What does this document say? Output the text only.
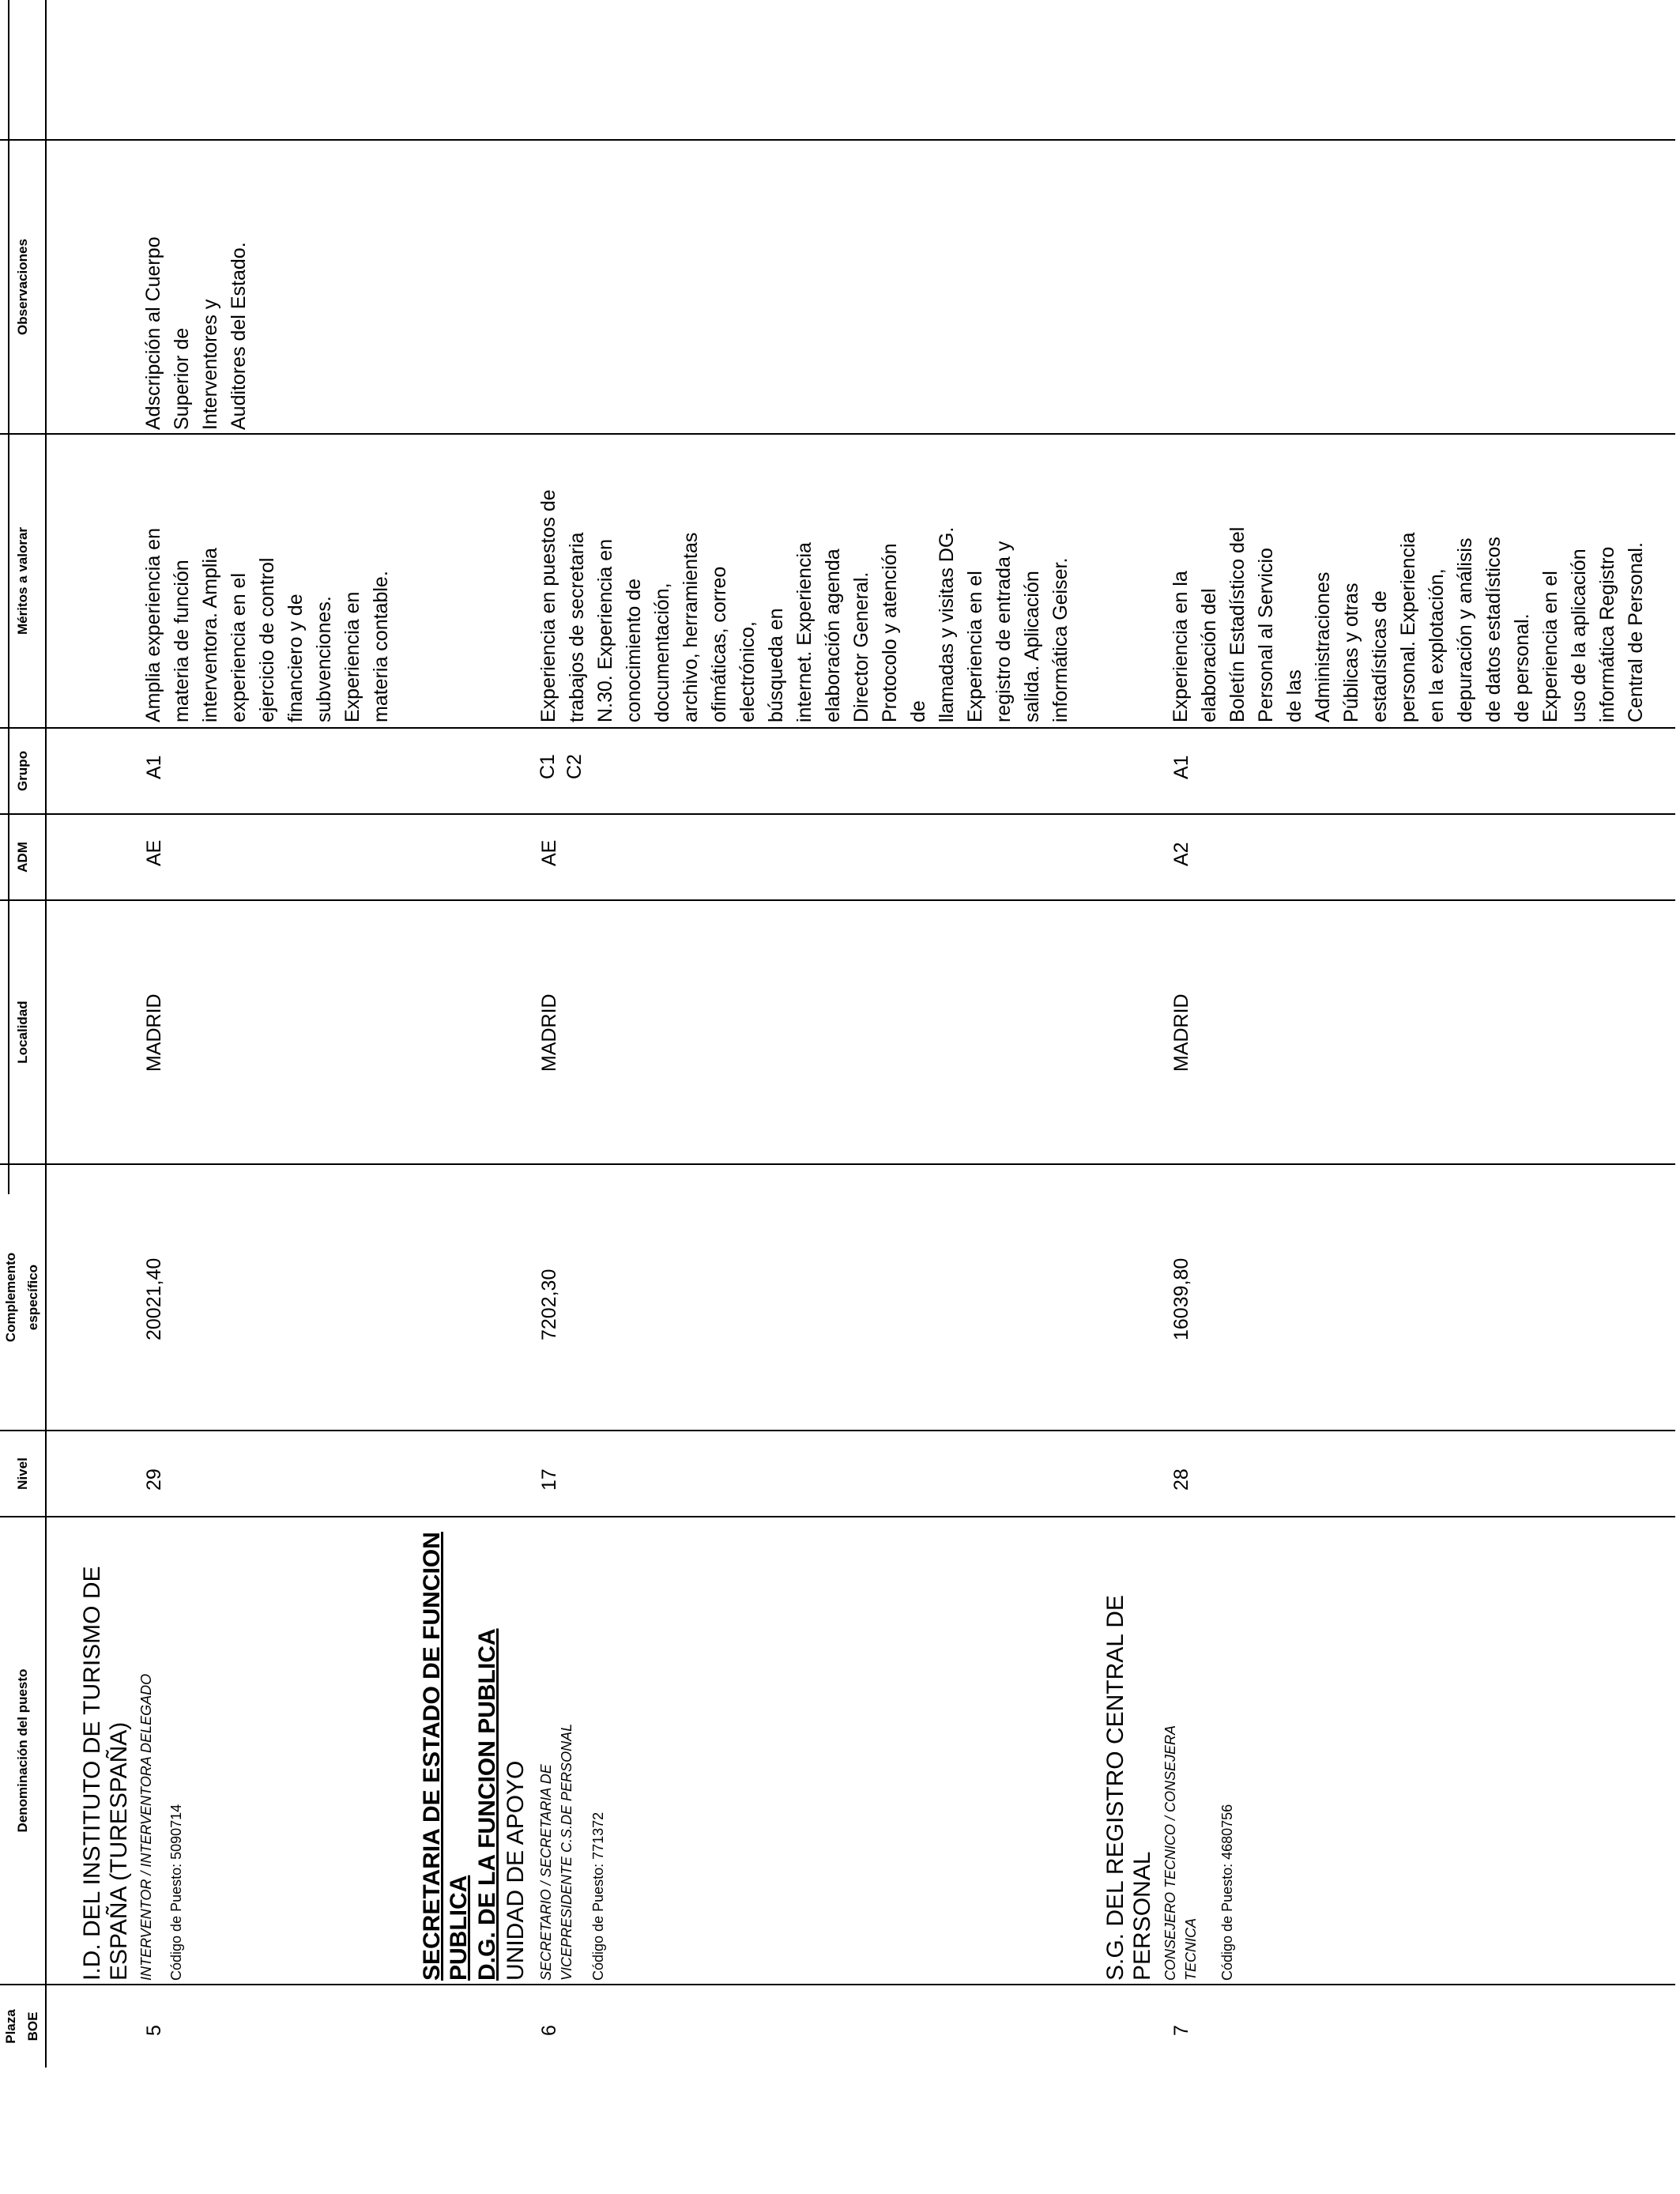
Plaza BOE
Denominación del puesto
Nivel
Complemento específico
Localidad
ADM
Grupo
Méritos a valorar
Observaciones
5
I.D. DEL INSTITUTO DE TURISMO DE ESPAÑA (TURESPAÑA) INTERVENTOR / INTERVENTORA DELEGADO Código de Puesto: 5090714
29
20021,40
MADRID
AE
A1
Amplia experiencia en materia de función interventora. Amplia experiencia en el ejercicio de control financiero y de subvenciones. Experiencia en materia contable.
Adscripción al Cuerpo Superior de Interventores y Auditores del Estado.
SECRETARIA DE ESTADO DE FUNCION PUBLICA D.G. DE LA FUNCION PUBLICA UNIDAD DE APOYO SECRETARIO / SECRETARIA DE VICEPRESIDENTE C.S.DE PERSONAL Código de Puesto: 771372
6
17
7202,30
MADRID
AE
C1 C2
Experiencia en puestos de trabajos de secretaria N.30. Experiencia en conocimiento de documentación, archivo, herramientas ofimáticas, correo electrónico, búsqueda en internet. Experiencia elaboración agenda Director General. Protocolo y atención de llamadas y visitas DG. Experiencia en el registro de entrada y salida. Aplicación informática Geiser.
S.G. DEL REGISTRO CENTRAL DE PERSONAL CONSEJERO TECNICO / CONSEJERA TECNICA Código de Puesto: 4680756
7
28
16039,80
MADRID
A2
A1
Experiencia en la elaboración del Boletín Estadístico del Personal al Servicio de las Administraciones Públicas y otras estadísticas de personal. Experiencia en la explotación, depuración y análisis de datos estadísticos de personal. Experiencia en el uso de la aplicación informática Registro Central de Personal.
